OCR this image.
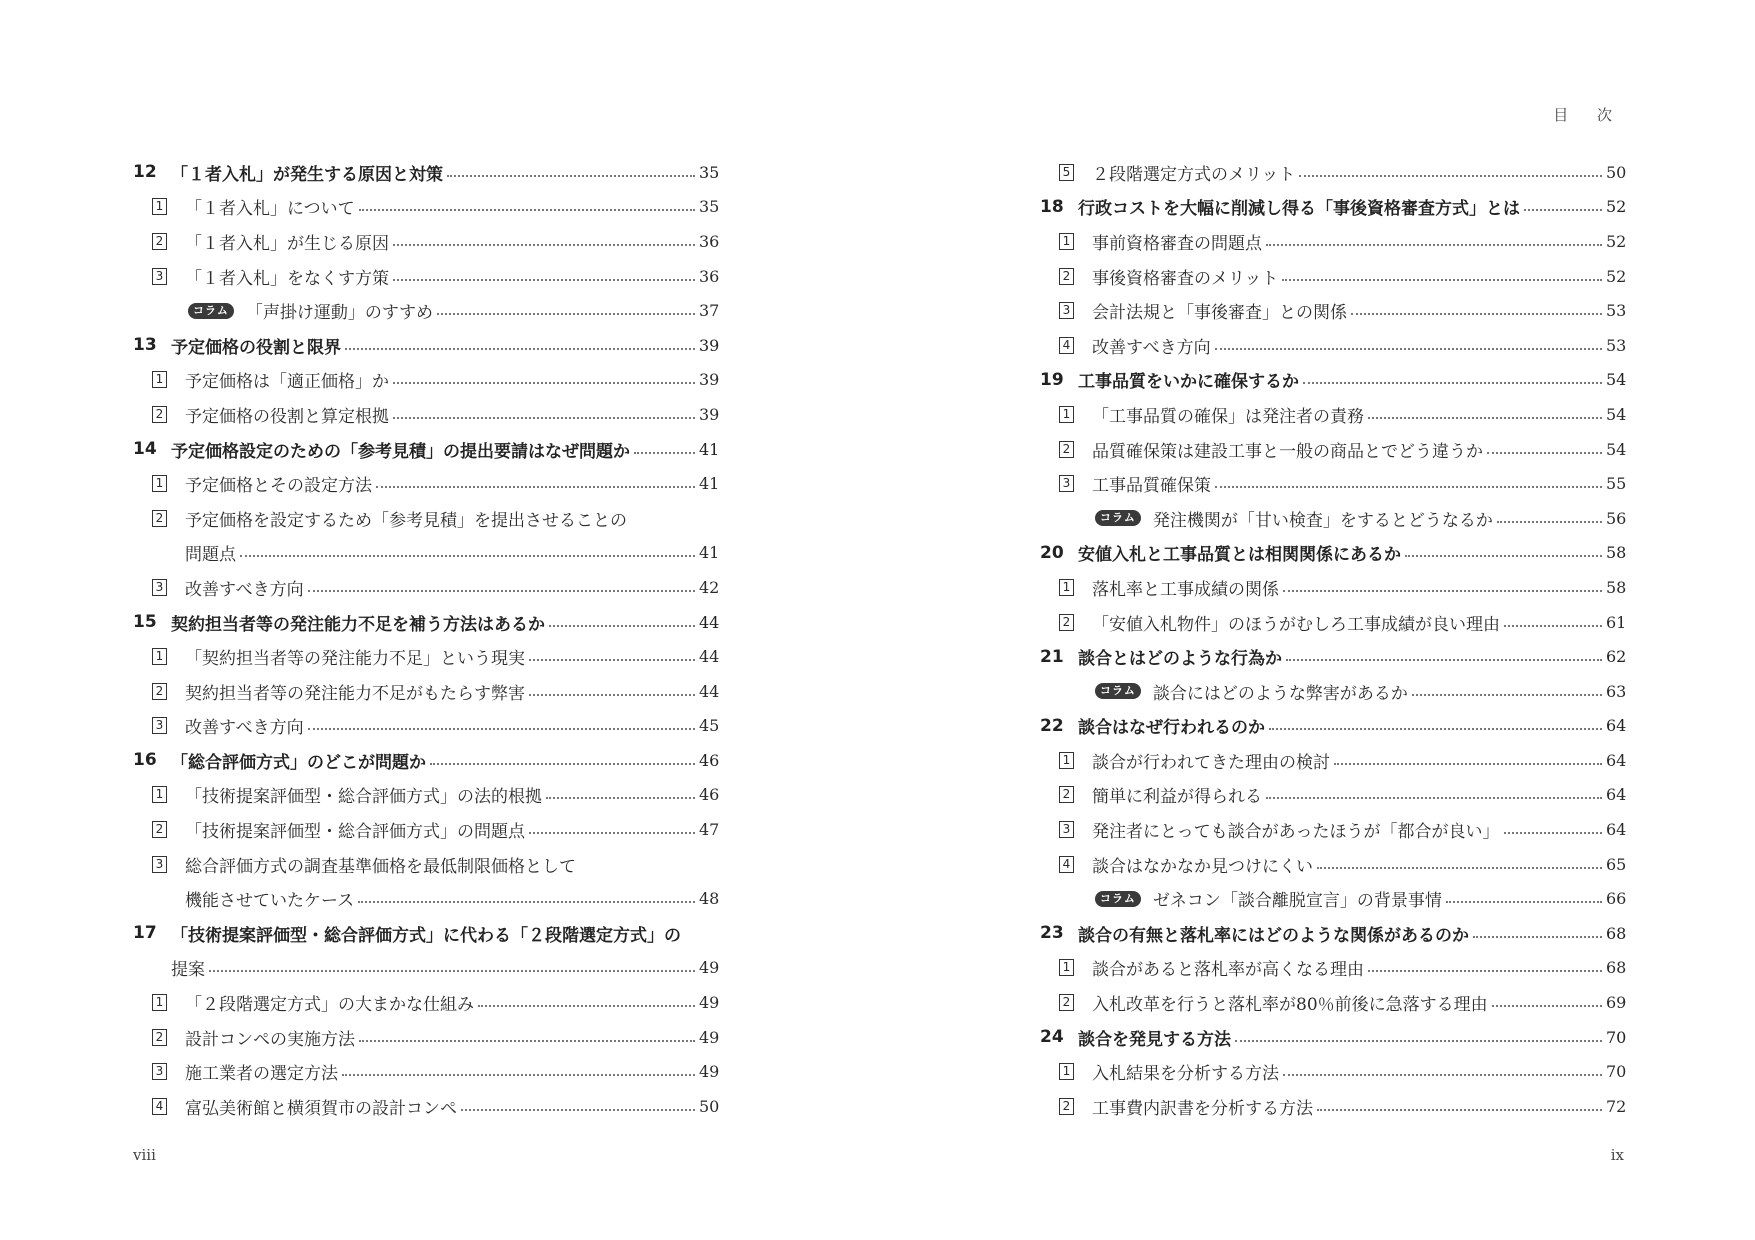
目 次
12 「１者入札」が発生する原因と対策	35
1 「１者入札」について	35
2 「１者入札」が生じる原因	36
3 「１者入札」をなくす方策	36
コラム 「声掛け運動」のすすめ	37
13 予定価格の役割と限界	39
1 予定価格は「適正価格」か	39
2 予定価格の役割と算定根拠	39
14 予定価格設定のための「参考見積」の提出要請はなぜ問題か	41
1 予定価格とその設定方法	41
2 予定価格を設定するため「参考見積」を提出させることの
問題点	41
3 改善すべき方向	42
15 契約担当者等の発注能力不足を補う方法はあるか	44
1 「契約担当者等の発注能力不足」という現実	44
2 契約担当者等の発注能力不足がもたらす弊害	44
3 改善すべき方向	45
16 「総合評価方式」のどこが問題か	46
1 「技術提案評価型・総合評価方式」の法的根拠	46
2 「技術提案評価型・総合評価方式」の問題点	47
3 総合評価方式の調査基準価格を最低制限価格として
機能させていたケース	48
17 「技術提案評価型・総合評価方式」に代わる「２段階選定方式」の
提案	49
1 「２段階選定方式」の大まかな仕組み	49
2 設計コンペの実施方法	49
3 施工業者の選定方法	49
4 富弘美術館と横須賀市の設計コンペ	50
5 ２段階選定方式のメリット	50
18 行政コストを大幅に削減し得る「事後資格審査方式」とは	52
1 事前資格審査の問題点	52
2 事後資格審査のメリット	52
3 会計法規と「事後審査」との関係	53
4 改善すべき方向	53
19 工事品質をいかに確保するか	54
1 「工事品質の確保」は発注者の責務	54
2 品質確保策は建設工事と一般の商品とでどう違うか	54
3 工事品質確保策	55
コラム 発注機関が「甘い検査」をするとどうなるか	56
20 安値入札と工事品質とは相関関係にあるか	58
1 落札率と工事成績の関係	58
2 「安値入札物件」のほうがむしろ工事成績が良い理由	61
21 談合とはどのような行為か	62
コラム 談合にはどのような弊害があるか	63
22 談合はなぜ行われるのか	64
1 談合が行われてきた理由の検討	64
2 簡単に利益が得られる	64
3 発注者にとっても談合があったほうが「都合が良い」	64
4 談合はなかなか見つけにくい	65
コラム ゼネコン「談合離脱宣言」の背景事情	66
23 談合の有無と落札率にはどのような関係があるのか	68
1 談合があると落札率が高くなる理由	68
2 入札改革を行うと落札率が80％前後に急落する理由	69
24 談合を発見する方法	70
1 入札結果を分析する方法	70
2 工事費内訳書を分析する方法	72
viii	ix
